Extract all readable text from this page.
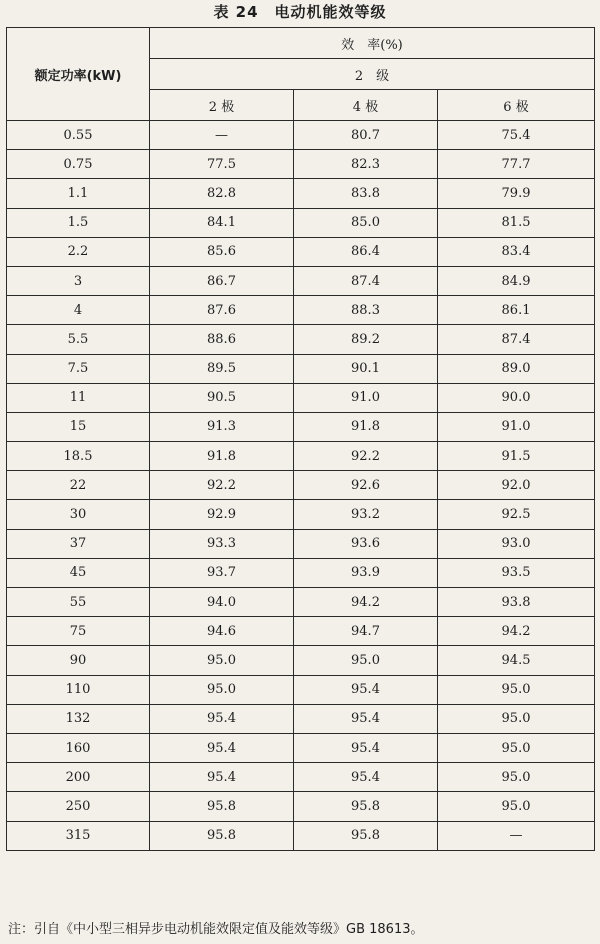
表 24　电动机能效等级
额定功率(kW)	效　率(%)		
	2　级		
	2 极	4 极	6 极
0.55	—	80.7	75.4
0.75	77.5	82.3	77.7
1.1	82.8	83.8	79.9
1.5	84.1	85.0	81.5
2.2	85.6	86.4	83.4
3	86.7	87.4	84.9
4	87.6	88.3	86.1
5.5	88.6	89.2	87.4
7.5	89.5	90.1	89.0
11	90.5	91.0	90.0
15	91.3	91.8	91.0
18.5	91.8	92.2	91.5
22	92.2	92.6	92.0
30	92.9	93.2	92.5
37	93.3	93.6	93.0
45	93.7	93.9	93.5
55	94.0	94.2	93.8
75	94.6	94.7	94.2
90	95.0	95.0	94.5
110	95.0	95.4	95.0
132	95.4	95.4	95.0
160	95.4	95.4	95.0
200	95.4	95.4	95.0
250	95.8	95.8	95.0
315	95.8	95.8	—
注：引自《中小型三相异步电动机能效限定值及能效等级》GB 18613。
